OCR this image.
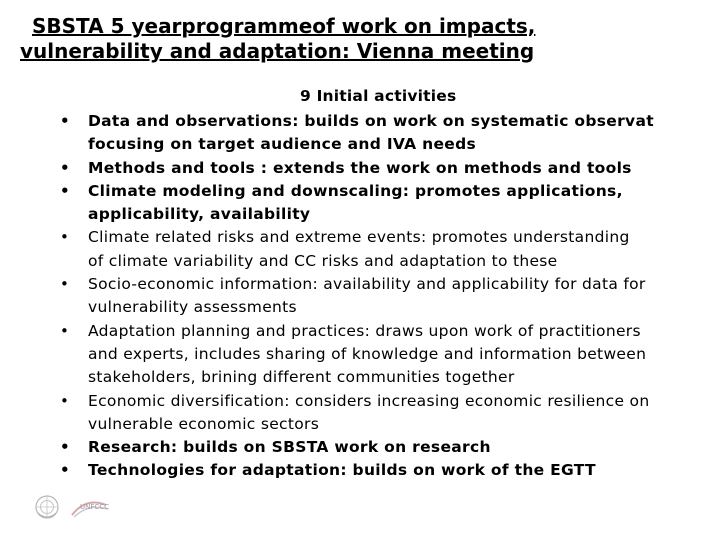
SBSTA 5 yearprogrammeof work on impacts,
vulnerability and adaptation: Vienna meeting
9 Initial activities
• Data and observations: builds on work on systematic observat
focusing on target audience and IVA needs
• Methods and tools : extends the work on methods and tools
• Climate modeling and downscaling: promotes applications,
applicability, availability
• Climate related risks and extreme events: promotes understanding
of climate variability and CC risks and adaptation to these
• Socio-economic information: availability and applicability for data for
vulnerability assessments
• Adaptation planning and practices: draws upon work of practitioners
and experts, includes sharing of knowledge and information between
stakeholders, brining different communities together
• Economic diversification: considers increasing economic resilience on
vulnerable economic sectors
• Research: builds on SBSTA work on research
• Technologies for adaptation: builds on work of the EGTT
UNFCCC
